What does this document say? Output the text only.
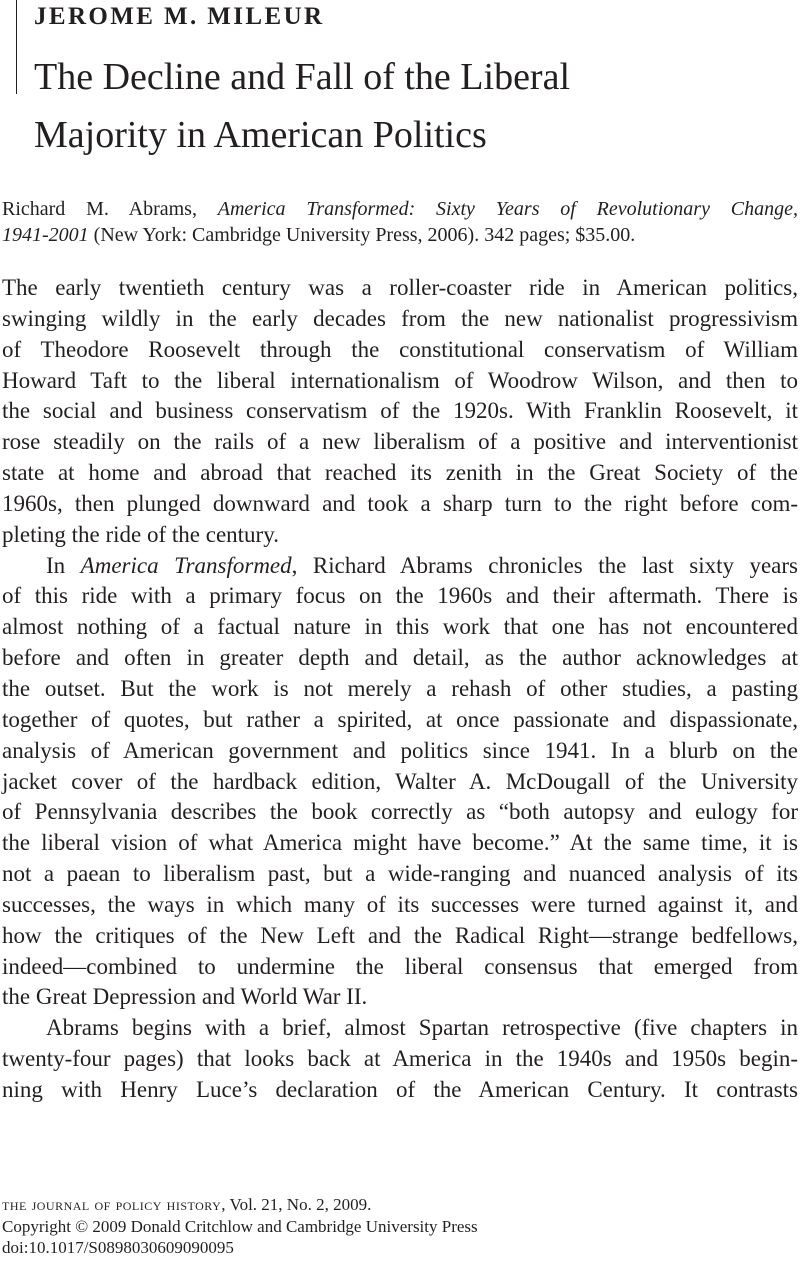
JEROME M. MILEUR
The Decline and Fall of the Liberal
Majority in American Politics
Richard M. Abrams, America Transformed: Sixty Years of Revolutionary Change,
1941-2001 (New York: Cambridge University Press, 2006). 342 pages; $35.00.
The early twentieth century was a roller-coaster ride in American politics,
swinging wildly in the early decades from the new nationalist progressivism
of Theodore Roosevelt through the constitutional conservatism of William
Howard Taft to the liberal internationalism of Woodrow Wilson, and then to
the social and business conservatism of the 1920s. With Franklin Roosevelt, it
rose steadily on the rails of a new liberalism of a positive and interventionist
state at home and abroad that reached its zenith in the Great Society of the
1960s, then plunged downward and took a sharp turn to the right before com-
pleting the ride of the century.
In America Transformed, Richard Abrams chronicles the last sixty years
of this ride with a primary focus on the 1960s and their aftermath. There is
almost nothing of a factual nature in this work that one has not encountered
before and often in greater depth and detail, as the author acknowledges at
the outset. But the work is not merely a rehash of other studies, a pasting
together of quotes, but rather a spirited, at once passionate and dispassionate,
analysis of American government and politics since 1941. In a blurb on the
jacket cover of the hardback edition, Walter A. McDougall of the University
of Pennsylvania describes the book correctly as “both autopsy and eulogy for
the liberal vision of what America might have become.” At the same time, it is
not a paean to liberalism past, but a wide-ranging and nuanced analysis of its
successes, the ways in which many of its successes were turned against it, and
how the critiques of the New Left and the Radical Right—strange bedfellows,
indeed—combined to undermine the liberal consensus that emerged from
the Great Depression and World War II.
Abrams begins with a brief, almost Spartan retrospective (five chapters in
twenty-four pages) that looks back at America in the 1940s and 1950s begin-
ning with Henry Luce’s declaration of the American Century. It contrasts
the journal of policy history, Vol. 21, No. 2, 2009.
Copyright © 2009 Donald Critchlow and Cambridge University Press
doi:10.1017/S0898030609090095
